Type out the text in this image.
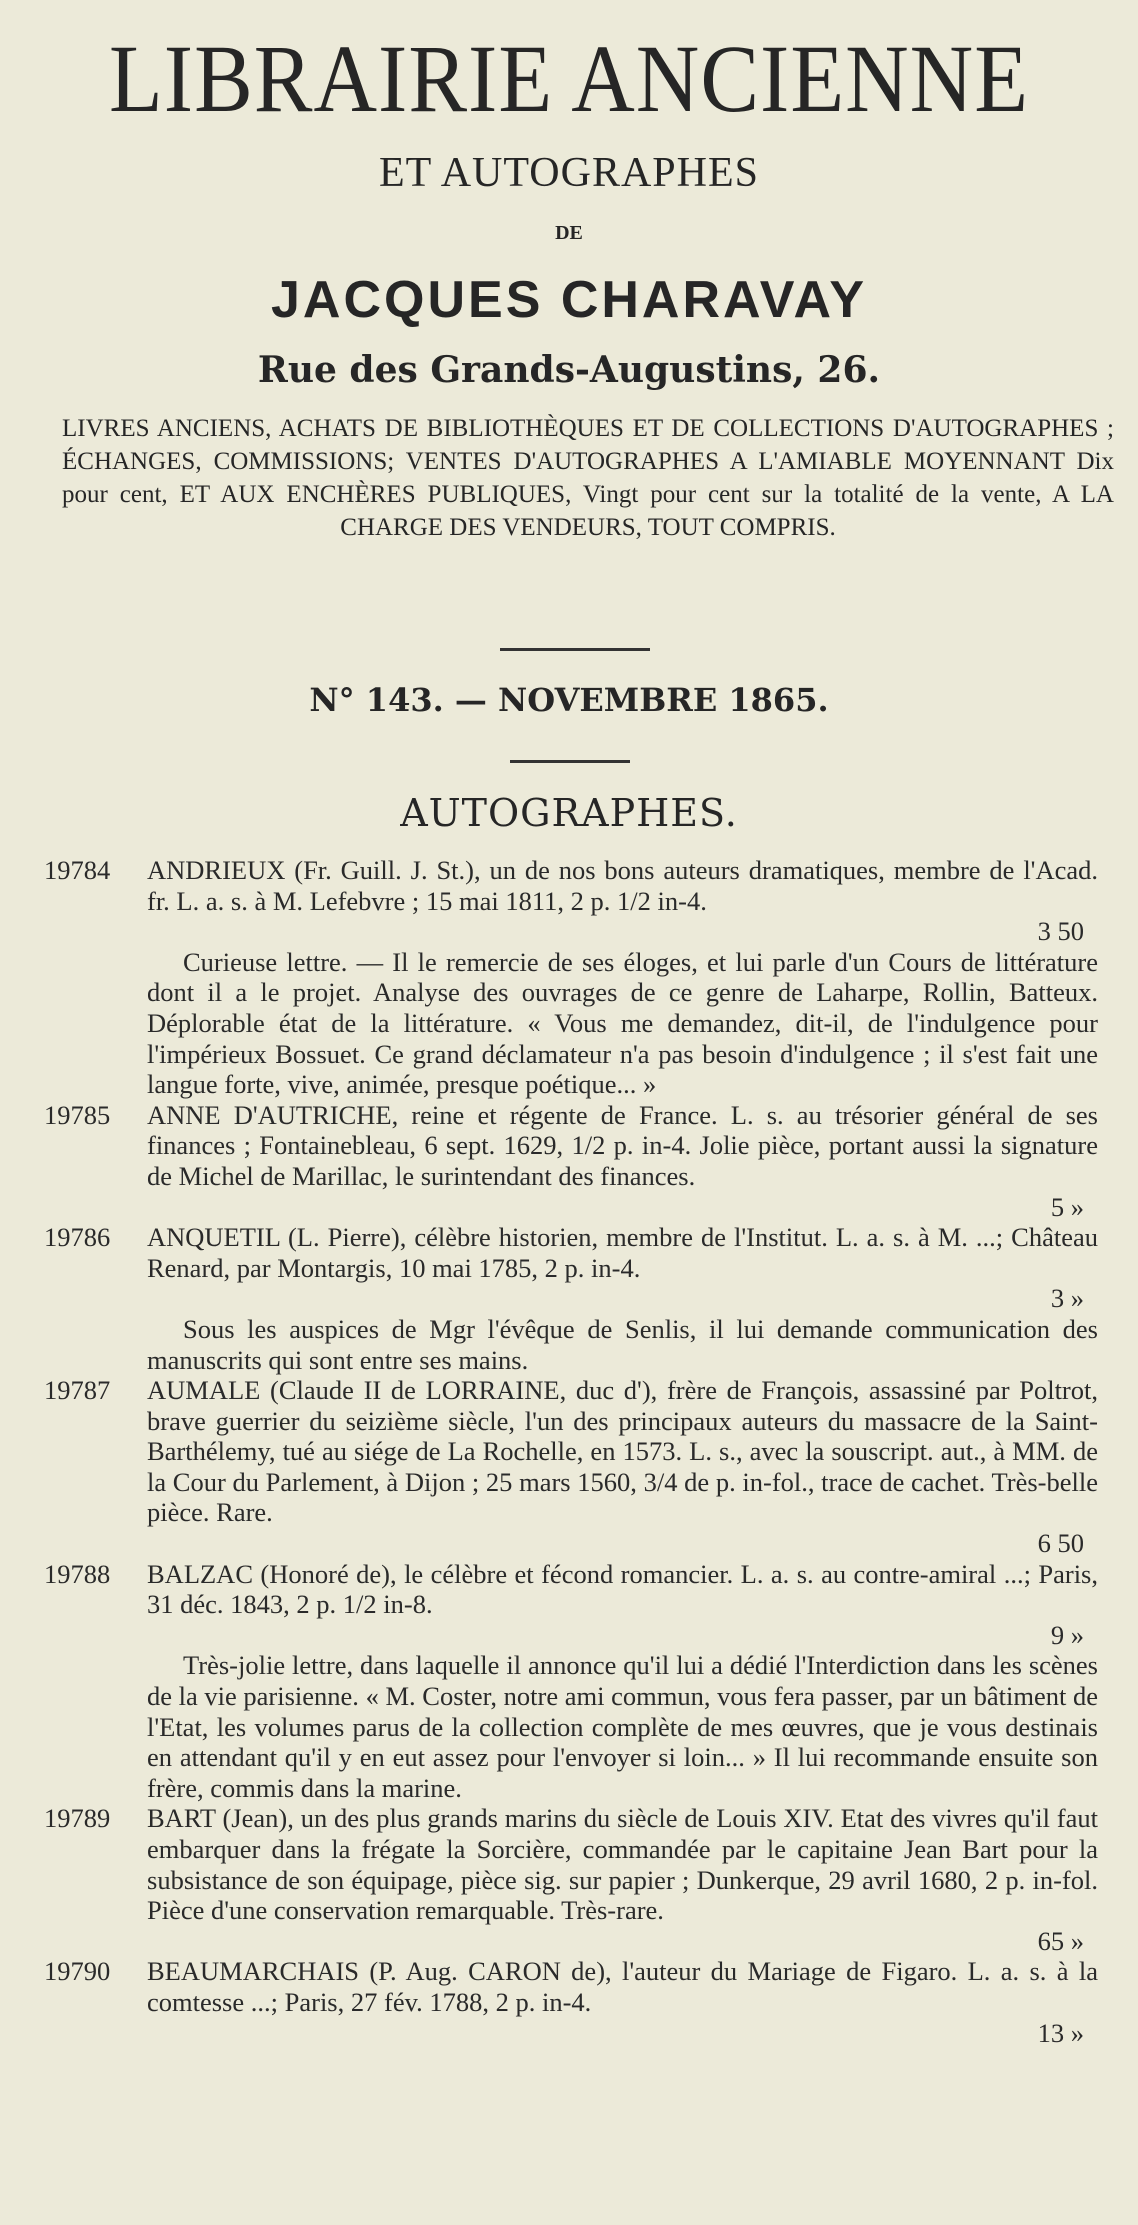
LIBRAIRIE ANCIENNE
ET AUTOGRAPHES
DE
JACQUES CHARAVAY
Rue des Grands-Augustins, 26.
LIVRES ANCIENS, ACHATS DE BIBLIOTHÈQUES ET DE COLLECTIONS D'AUTOGRAPHES ; ÉCHANGES, COMMISSIONS; VENTES D'AUTOGRAPHES A L'AMIABLE MOYENNANT Dix pour cent, ET AUX ENCHÈRES PUBLIQUES, Vingt pour cent sur la totalité de la vente, A LA CHARGE DES VENDEURS, TOUT COMPRIS.
N° 143. — NOVEMBRE 1865.
AUTOGRAPHES.
19784	ANDRIEUX (Fr. Guill. J. St.), un de nos bons auteurs dramatiques, membre de l'Acad. fr. L. a. s. à M. Lefebvre ; 15 mai 1811, 2 p. 1/2 in-4.
3 50
Curieuse lettre. — Il le remercie de ses éloges, et lui parle d'un Cours de littérature dont il a le projet. Analyse des ouvrages de ce genre de Laharpe, Rollin, Batteux. Déplorable état de la littérature. « Vous me demandez, dit-il, de l'indulgence pour l'impérieux Bossuet. Ce grand déclamateur n'a pas besoin d'indulgence ; il s'est fait une langue forte, vive, animée, presque poétique... »
19785	ANNE D'AUTRICHE, reine et régente de France. L. s. au trésorier général de ses finances ; Fontainebleau, 6 sept. 1629, 1/2 p. in-4. Jolie pièce, portant aussi la signature de Michel de Marillac, le surintendant des finances.
5 »
19786	ANQUETIL (L. Pierre), célèbre historien, membre de l'Institut. L. a. s. à M. ...; Château Renard, par Montargis, 10 mai 1785, 2 p. in-4.
3 »
Sous les auspices de Mgr l'évêque de Senlis, il lui demande communication des manuscrits qui sont entre ses mains.
19787	AUMALE (Claude II de LORRAINE, duc d'), frère de François, assassiné par Poltrot, brave guerrier du seizième siècle, l'un des principaux auteurs du massacre de la Saint-Barthélemy, tué au siége de La Rochelle, en 1573. L. s., avec la souscript. aut., à MM. de la Cour du Parlement, à Dijon ; 25 mars 1560, 3/4 de p. in-fol., trace de cachet. Très-belle pièce. Rare.
6 50
19788	BALZAC (Honoré de), le célèbre et fécond romancier. L. a. s. au contre-amiral ...; Paris, 31 déc. 1843, 2 p. 1/2 in-8.
9 »
Très-jolie lettre, dans laquelle il annonce qu'il lui a dédié l'Interdiction dans les scènes de la vie parisienne. « M. Coster, notre ami commun, vous fera passer, par un bâtiment de l'Etat, les volumes parus de la collection complète de mes œuvres, que je vous destinais en attendant qu'il y en eut assez pour l'envoyer si loin... » Il lui recommande ensuite son frère, commis dans la marine.
19789	BART (Jean), un des plus grands marins du siècle de Louis XIV. Etat des vivres qu'il faut embarquer dans la frégate la Sorcière, commandée par le capitaine Jean Bart pour la subsistance de son équipage, pièce sig. sur papier ; Dunkerque, 29 avril 1680, 2 p. in-fol. Pièce d'une conservation remarquable. Très-rare.
65 »
19790	BEAUMARCHAIS (P. Aug. CARON de), l'auteur du Mariage de Figaro. L. a. s. à la comtesse ...; Paris, 27 fév. 1788, 2 p. in-4.
13 »
